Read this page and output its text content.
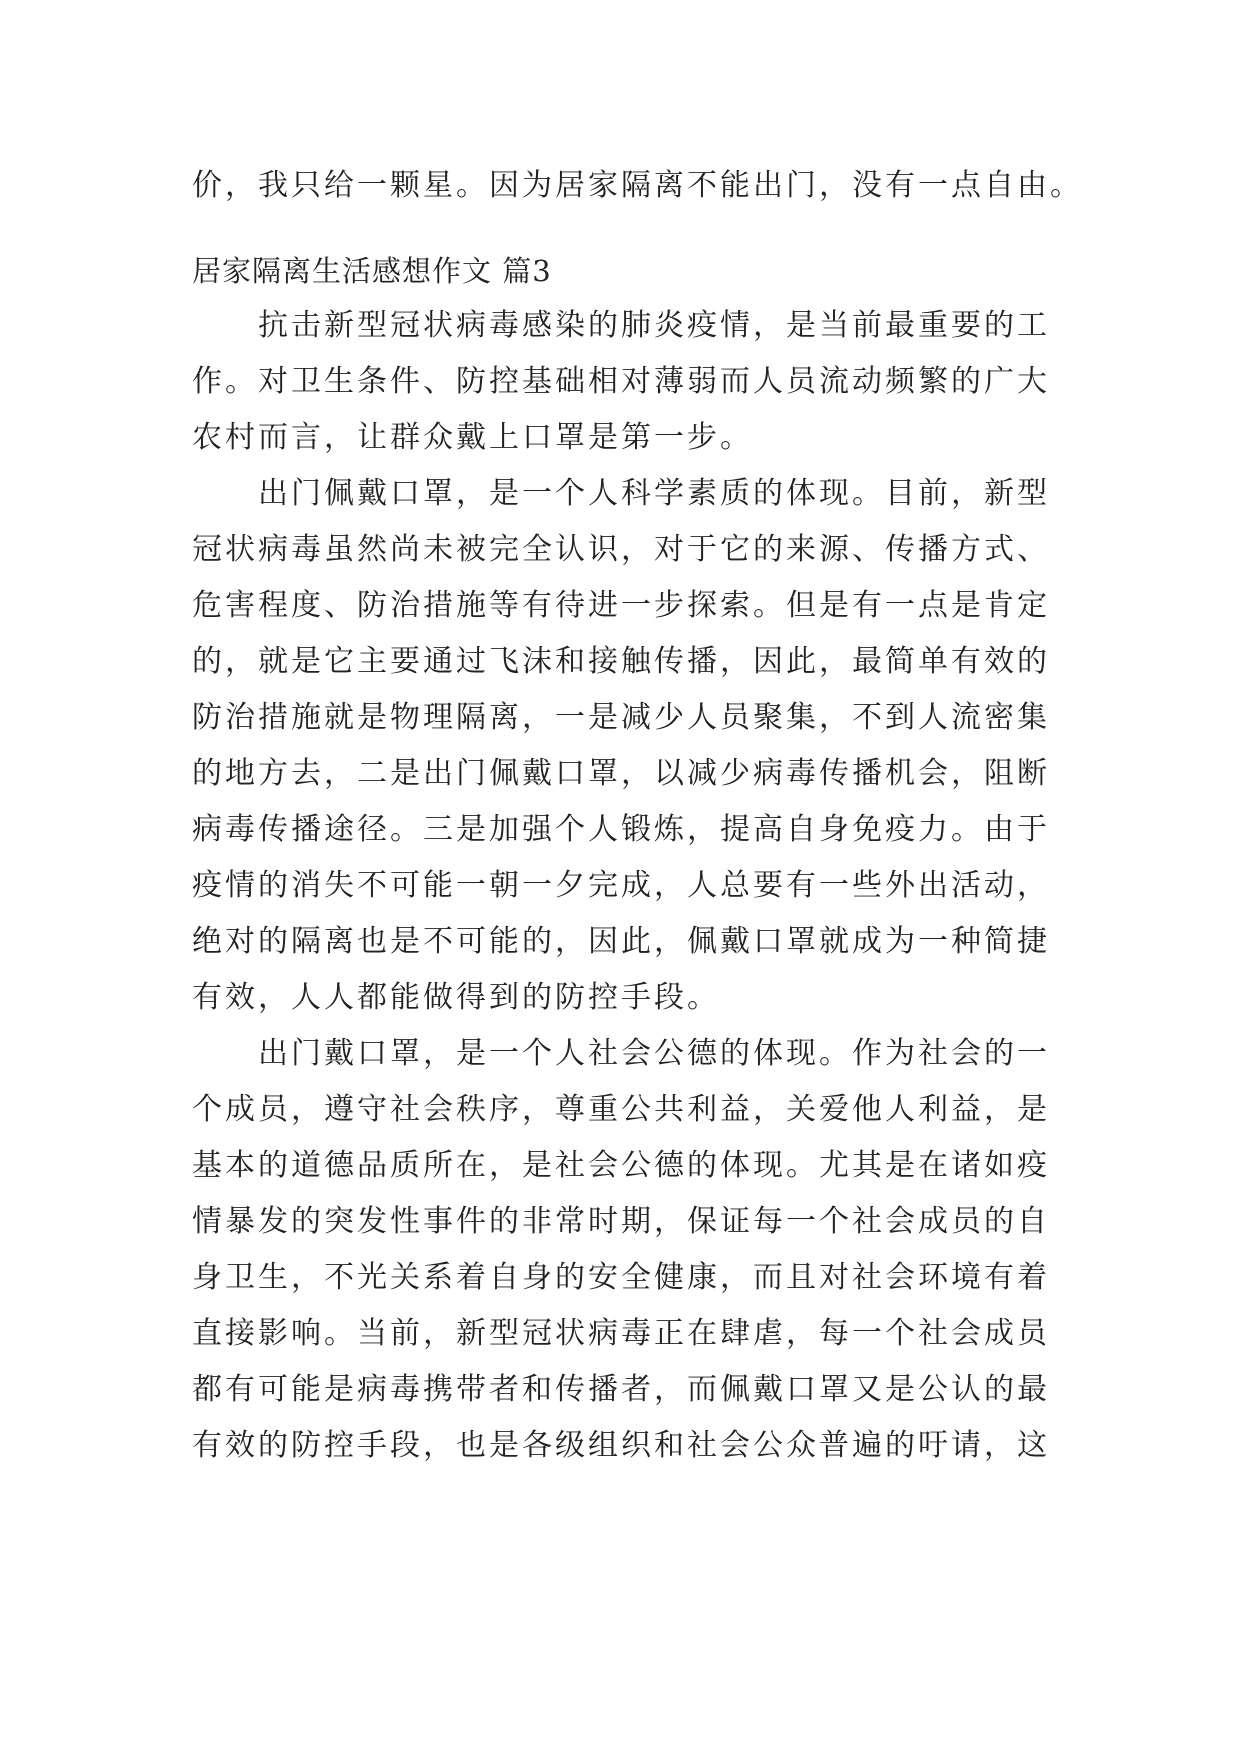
价，我只给一颗星。因为居家隔离不能出门，没有一点自由。
居家隔离生活感想作文 篇3
抗击新型冠状病毒感染的肺炎疫情，是当前最重要的工
作。对卫生条件、防控基础相对薄弱而人员流动频繁的广大
农村而言，让群众戴上口罩是第一步。
出门佩戴口罩，是一个人科学素质的体现。目前，新型
冠状病毒虽然尚未被完全认识，对于它的来源、传播方式、
危害程度、防治措施等有待进一步探索。但是有一点是肯定
的，就是它主要通过飞沫和接触传播，因此，最简单有效的
防治措施就是物理隔离，一是减少人员聚集，不到人流密集
的地方去，二是出门佩戴口罩，以减少病毒传播机会，阻断
病毒传播途径。三是加强个人锻炼，提高自身免疫力。由于
疫情的消失不可能一朝一夕完成，人总要有一些外出活动，
绝对的隔离也是不可能的，因此，佩戴口罩就成为一种简捷
有效，人人都能做得到的防控手段。
出门戴口罩，是一个人社会公德的体现。作为社会的一
个成员，遵守社会秩序，尊重公共利益，关爱他人利益，是
基本的道德品质所在，是社会公德的体现。尤其是在诸如疫
情暴发的突发性事件的非常时期，保证每一个社会成员的自
身卫生，不光关系着自身的安全健康，而且对社会环境有着
直接影响。当前，新型冠状病毒正在肆虐，每一个社会成员
都有可能是病毒携带者和传播者，而佩戴口罩又是公认的最
有效的防控手段，也是各级组织和社会公众普遍的吁请，这
